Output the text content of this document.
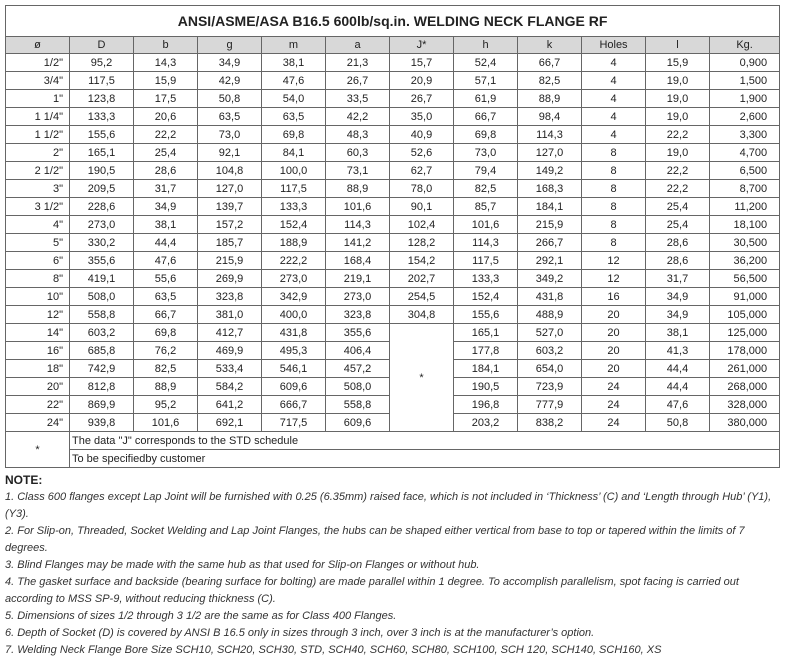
ANSI/ASME/ASA B16.5 600lb/sq.in. WELDING NECK FLANGE RF											
ø	D	b	g	m	a	J*	h	k	Holes	l	Kg.
1/2"	95,2	14,3	34,9	38,1	21,3	15,7	52,4	66,7	4	15,9	0,900
3/4"	117,5	15,9	42,9	47,6	26,7	20,9	57,1	82,5	4	19,0	1,500
1"	123,8	17,5	50,8	54,0	33,5	26,7	61,9	88,9	4	19,0	1,900
1 1/4"	133,3	20,6	63,5	63,5	42,2	35,0	66,7	98,4	4	19,0	2,600
1 1/2"	155,6	22,2	73,0	69,8	48,3	40,9	69,8	114,3	4	22,2	3,300
2"	165,1	25,4	92,1	84,1	60,3	52,6	73,0	127,0	8	19,0	4,700
2 1/2"	190,5	28,6	104,8	100,0	73,1	62,7	79,4	149,2	8	22,2	6,500
3"	209,5	31,7	127,0	117,5	88,9	78,0	82,5	168,3	8	22,2	8,700
3 1/2"	228,6	34,9	139,7	133,3	101,6	90,1	85,7	184,1	8	25,4	11,200
4"	273,0	38,1	157,2	152,4	114,3	102,4	101,6	215,9	8	25,4	18,100
5"	330,2	44,4	185,7	188,9	141,2	128,2	114,3	266,7	8	28,6	30,500
6"	355,6	47,6	215,9	222,2	168,4	154,2	117,5	292,1	12	28,6	36,200
8"	419,1	55,6	269,9	273,0	219,1	202,7	133,3	349,2	12	31,7	56,500
10"	508,0	63,5	323,8	342,9	273,0	254,5	152,4	431,8	16	34,9	91,000
12"	558,8	66,7	381,0	400,0	323,8	304,8	155,6	488,9	20	34,9	105,000
14"	603,2	69,8	412,7	431,8	355,6	*	165,1	527,0	20	38,1	125,000
16"	685,8	76,2	469,9	495,3	406,4		177,8	603,2	20	41,3	178,000
18"	742,9	82,5	533,4	546,1	457,2		184,1	654,0	20	44,4	261,000
20"	812,8	88,9	584,2	609,6	508,0		190,5	723,9	24	44,4	268,000
22"	869,9	95,2	641,2	666,7	558,8		196,8	777,9	24	47,6	328,000
24"	939,8	101,6	692,1	717,5	609,6		203,2	838,2	24	50,8	380,000
*	The data "J" corresponds to the STD schedule										
	To be specifiedby customer										
NOTE:
1. Class 600 flanges except Lap Joint will be furnished with 0.25 (6.35mm) raised face, which is not included in ‘Thickness’ (C) and ‘Length through Hub’ (Y1), (Y3).
2. For Slip-on, Threaded, Socket Welding and Lap Joint Flanges, the hubs can be shaped either vertical from base to top or tapered within the limits of 7 degrees.
3. Blind Flanges may be made with the same hub as that used for Slip-on Flanges or without hub.
4. The gasket surface and backside (bearing surface for bolting) are made parallel within 1 degree. To accomplish parallelism, spot facing is carried out according to MSS SP-9, without reducing thickness (C).
5. Dimensions of sizes 1/2 through 3 1/2 are the same as for Class 400 Flanges.
6. Depth of Socket (D) is covered by ANSI B 16.5 only in sizes through 3 inch, over 3 inch is at the manufacturer’s option.
7. Welding Neck Flange Bore Size SCH10, SCH20, SCH30, STD, SCH40, SCH60, SCH80, SCH100, SCH 120, SCH140, SCH160, XS
